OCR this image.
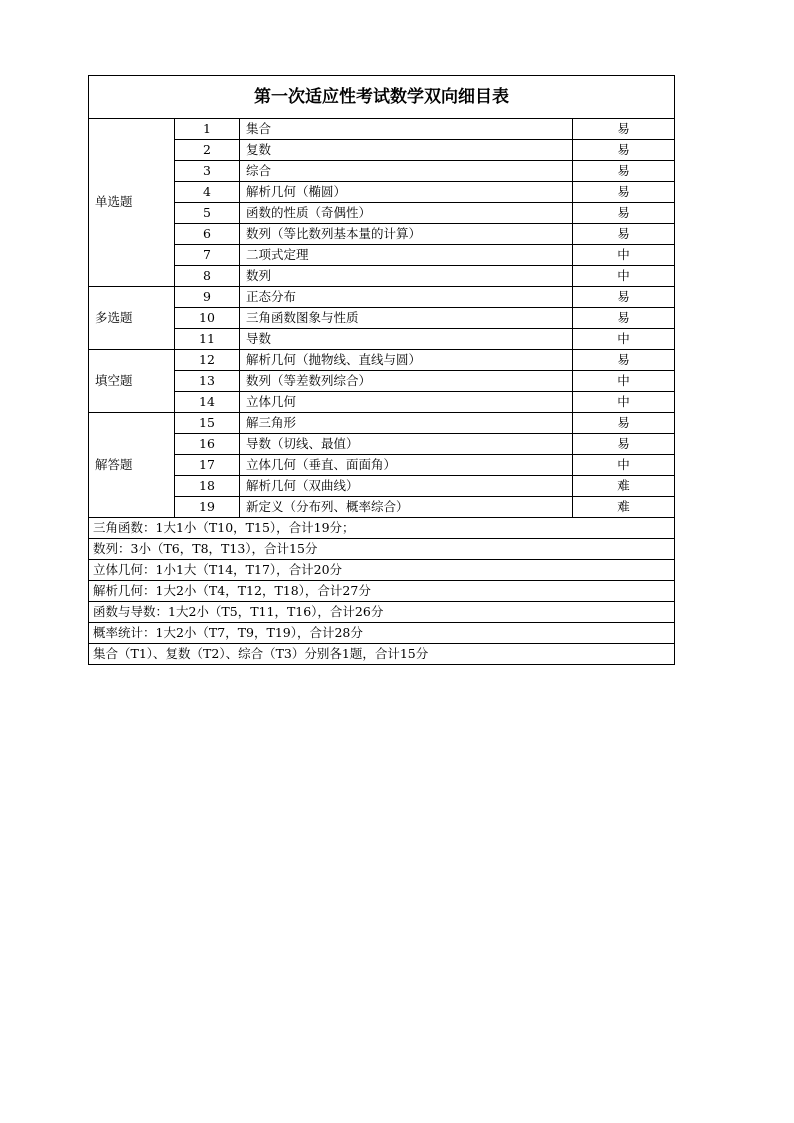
第一次适应性考试数学双向细目表			
单选题	1	集合	易
	2	复数	易
	3	综合	易
	4	解析几何（椭圆）	易
	5	函数的性质（奇偶性）	易
	6	数列（等比数列基本量的计算）	易
	7	二项式定理	中
	8	数列	中
多选题	9	正态分布	易
	10	三角函数图象与性质	易
	11	导数	中
填空题	12	解析几何（抛物线、直线与圆）	易
	13	数列（等差数列综合）	中
	14	立体几何	中
解答题	15	解三角形	易
	16	导数（切线、最值）	易
	17	立体几何（垂直、面面角）	中
	18	解析几何（双曲线）	难
	19	新定义（分布列、概率综合）	难
三角函数：1大1小（T10，T15），合计19分；			
数列：3小（T6，T8，T13），合计15分			
立体几何：1小1大（T14，T17），合计20分			
解析几何：1大2小（T4，T12，T18），合计27分			
函数与导数：1大2小（T5，T11，T16），合计26分			
概率统计：1大2小（T7，T9，T19），合计28分			
集合（T1）、复数（T2）、综合（T3）分别各1题，合计15分			
